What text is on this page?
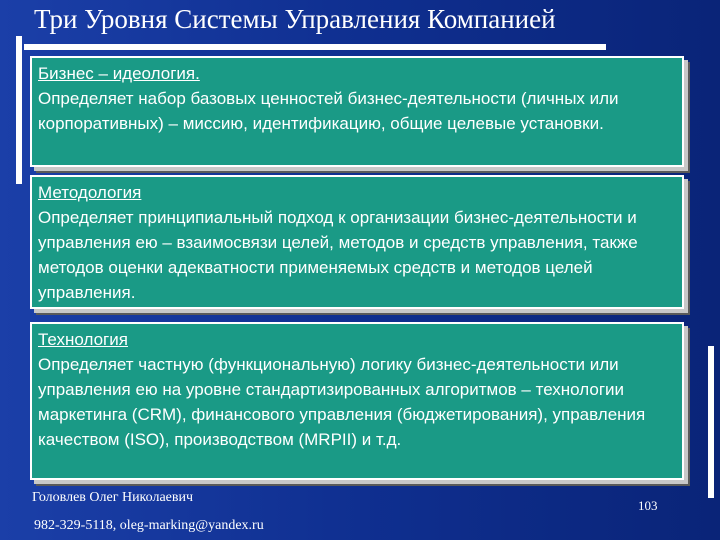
Три Уровня Системы Управления Компанией
Бизнес – идеология.
Определяет набор базовых ценностей бизнес-деятельности (личных или корпоративных) – миссию, идентификацию, общие целевые установки.
Методология
Определяет принципиальный подход к организации бизнес-деятельности и управления ею – взаимосвязи целей, методов и средств управления, также методов оценки адекватности применяемых средств и методов целей управления.
Технология
Определяет частную (функциональную) логику бизнес-деятельности или управления ею на уровне стандартизированных алгоритмов – технологии маркетинга (CRM), финансового управления (бюджетирования), управления качеством (ISO), производством (MRPII) и т.д.
Головлев Олег Николаевич
982-329-5118, oleg-marking@yandex.ru
103
